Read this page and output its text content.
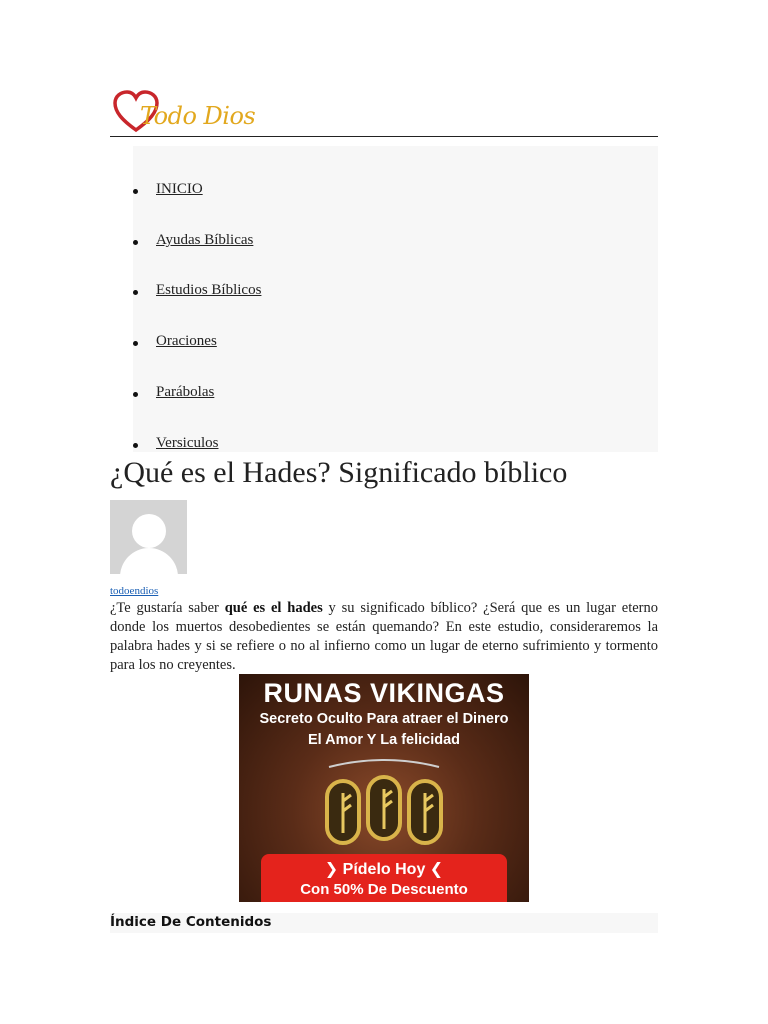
Todo Dios
INICIO
Ayudas Bíblicas
Estudios Bíblicos
Oraciones
Parábolas
Versiculos
¿Qué es el Hades? Significado bíblico
todoendios

¿Te gustaría saber qué es el hades y su significado bíblico? ¿Será que es un lugar eterno donde los muertos desobedientes se están quemando? En este estudio, consideraremos la palabra hades y si se refiere o no al infierno como un lugar de eterno sufrimiento y tormento para los no creyentes.

RUNAS VIKINGAS
Secreto Oculto Para atraer el Dinero
El Amor Y La felicidad
❯ Pídelo Hoy ❮
Con 50% De Descuento
Índice De Contenidos
